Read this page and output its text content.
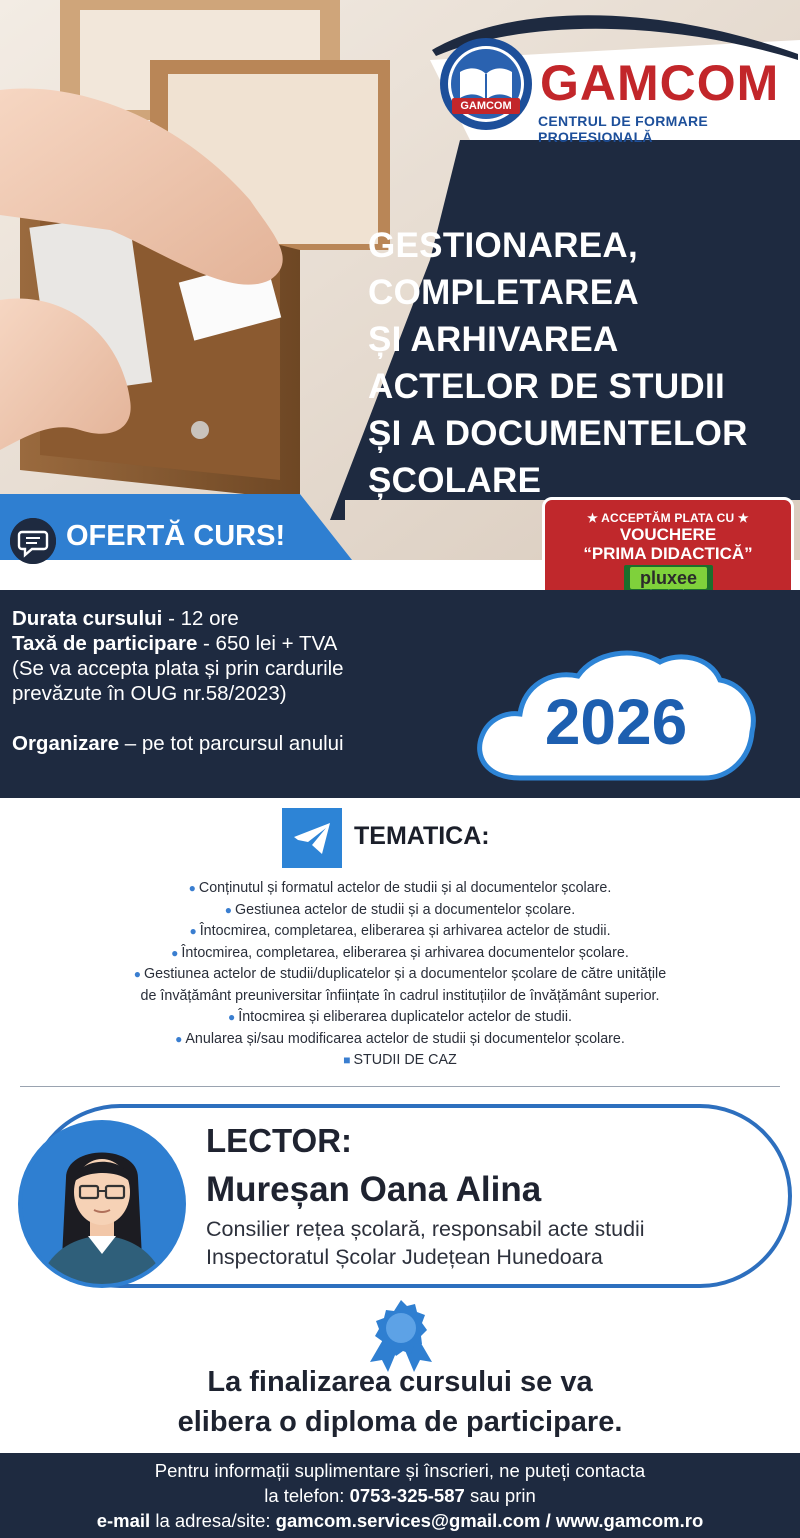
GAMCOM GAMCOM
CENTRUL DE FORMARE PROFESIONALĂ
GESTIONAREA,
COMPLETAREA
ȘI ARHIVAREA
ACTELOR DE STUDII
ȘI A DOCUMENTELOR
ȘCOLARE
OFERTĂ CURS!
★ ACCEPTĂM PLATA CU ★
VOUCHERE
“PRIMA DIDACTICĂ”
pluxee
Durata cursului - 12 ore
Taxă de participare - 650 lei + TVA
(Se va accepta plata și prin cardurile
prevăzute în OUG nr.58/2023)
Organizare – pe tot parcursul anului	2026
TEMATICA:
● Conținutul și formatul actelor de studii și al documentelor școlare.
● Gestiunea actelor de studii și a documentelor școlare.
● Întocmirea, completarea, eliberarea și arhivarea actelor de studii.
● Întocmirea, completarea, eliberarea și arhivarea documentelor școlare.
● Gestiunea actelor de studii/duplicatelor și a documentelor școlare de către unitățile
de învățământ preuniversitar înființate în cadrul instituțiilor de învățământ superior.
● Întocmirea și eliberarea duplicatelor actelor de studii.
● Anularea și/sau modificarea actelor de studii și documentelor școlare.
■ STUDII DE CAZ
LECTOR:
Mureșan Oana Alina
Consilier rețea școlară, responsabil acte studii
Inspectoratul Școlar Județean Hunedoara
La finalizarea cursului se va
elibera o diploma de participare.
Pentru informații suplimentare și înscrieri, ne puteți contacta
la telefon: 0753-325-587 sau prin
e-mail la adresa/site: gamcom.services@gmail.com / www.gamcom.ro
